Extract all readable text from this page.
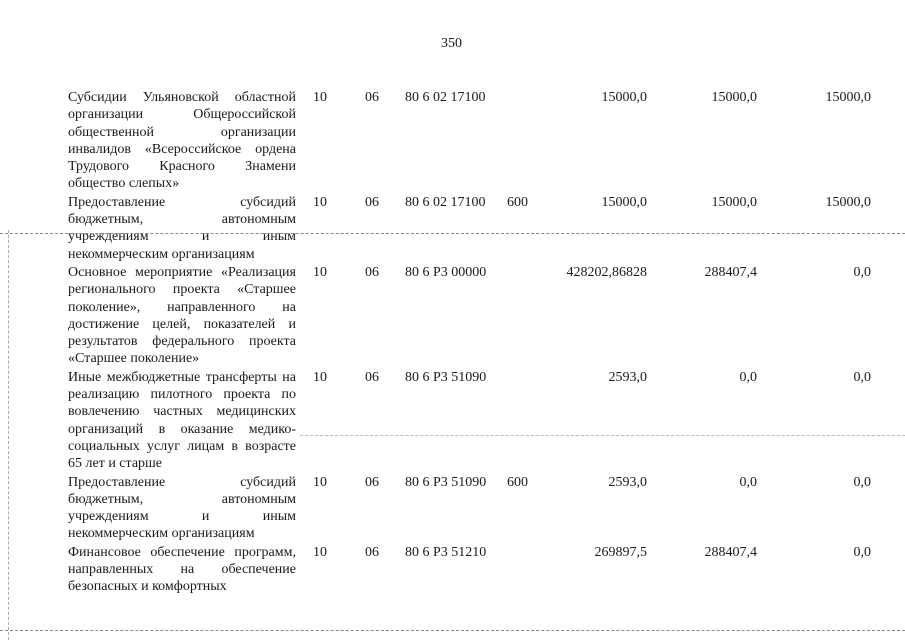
350
Субсидии Ульяновской областной организации Общероссийской общественной организации инвалидов «Всероссийское ордена Трудового Красного Знамени общество слепых»	10	06	80 6 02 17100		15000,0	15000,0	15000,0
Предоставление субсидий бюджетным, автономным учреждениям и иным некоммерческим организациям	10	06	80 6 02 17100	600	15000,0	15000,0	15000,0
Основное мероприятие «Реализация регионального проекта «Старшее поколение», направленного на достижение целей, показателей и результатов федерального проекта «Старшее поколение»	10	06	80 6 P3 00000		428202,86828	288407,4	0,0
Иные межбюджетные трансферты на реализацию пилотного проекта по вовлечению частных медицинских организаций в оказание медико-социальных услуг лицам в возрасте 65 лет и старше	10	06	80 6 P3 51090		2593,0	0,0	0,0
Предоставление субсидий бюджетным, автономным учреждениям и иным некоммерческим организациям	10	06	80 6 P3 51090	600	2593,0	0,0	0,0
Финансовое обеспечение программ, направленных на обеспечение безопасных и комфортных	10	06	80 6 P3 51210		269897,5	288407,4	0,0
